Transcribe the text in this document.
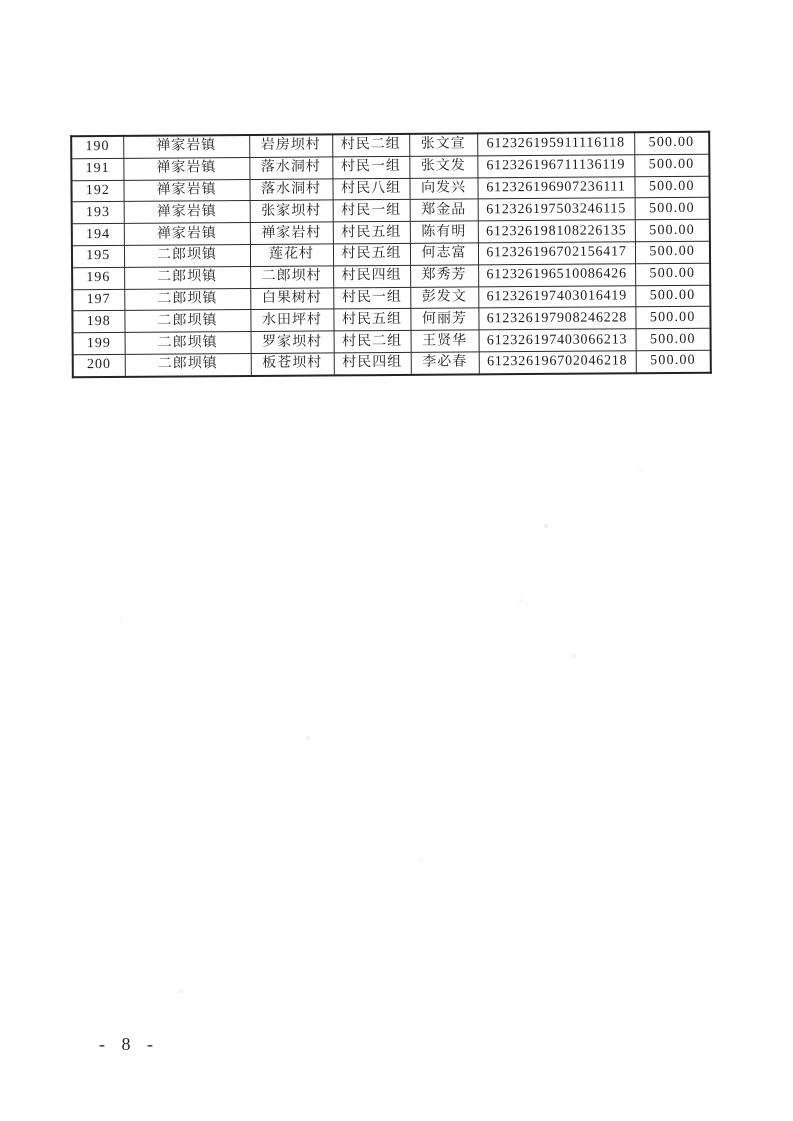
190	禅家岩镇	岩房坝村	村民二组	张文宣	612326195911116118	500.00
191	禅家岩镇	落水洞村	村民一组	张文发	612326196711136119	500.00
192	禅家岩镇	落水洞村	村民八组	向发兴	612326196907236111	500.00
193	禅家岩镇	张家坝村	村民一组	郑金品	612326197503246115	500.00
194	禅家岩镇	禅家岩村	村民五组	陈有明	612326198108226135	500.00
195	二郎坝镇	莲花村	村民五组	何志富	612326196702156417	500.00
196	二郎坝镇	二郎坝村	村民四组	郑秀芳	612326196510086426	500.00
197	二郎坝镇	白果树村	村民一组	彭发文	612326197403016419	500.00
198	二郎坝镇	水田坪村	村民五组	何丽芳	612326197908246228	500.00
199	二郎坝镇	罗家坝村	村民二组	王贤华	612326197403066213	500.00
200	二郎坝镇	板苍坝村	村民四组	李必春	612326196702046218	500.00
- 8 -
